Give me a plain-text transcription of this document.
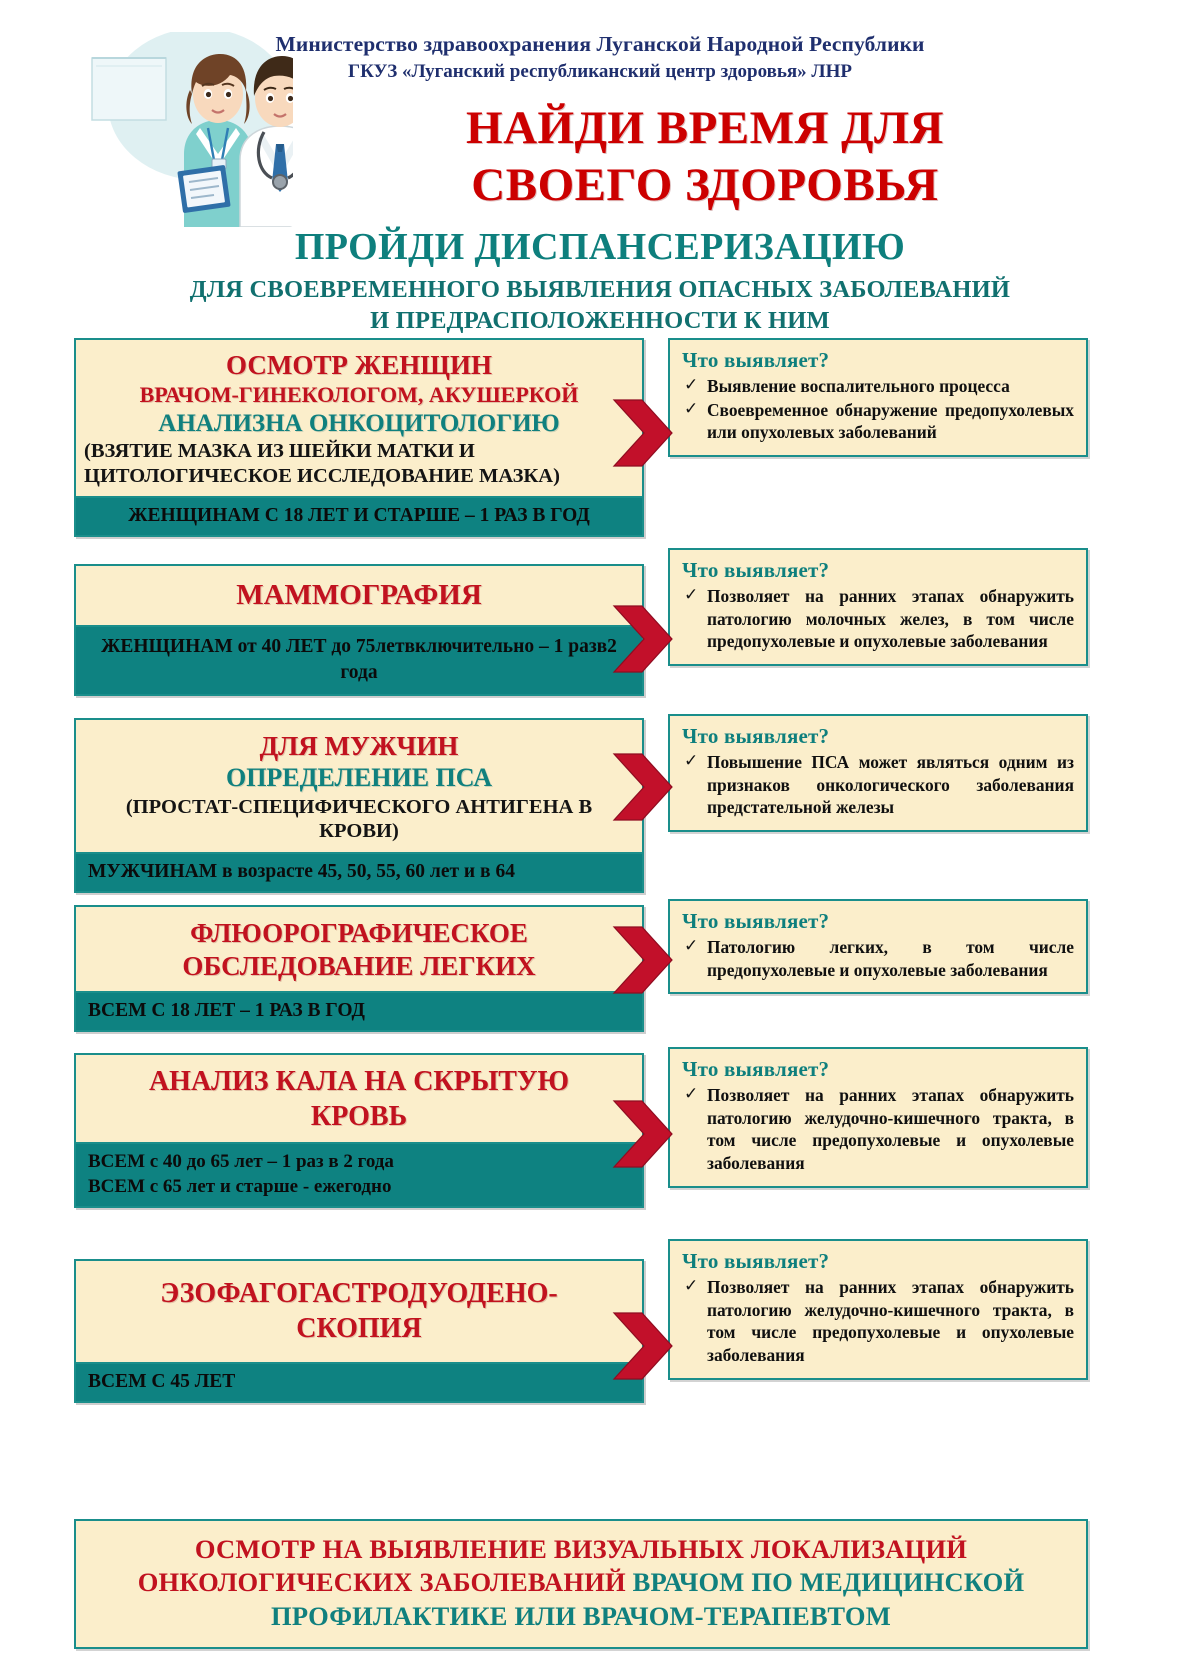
Министерство здравоохранения Луганской Народной Республики
ГКУЗ «Луганский республиканский центр здоровья» ЛНР
НАЙДИ ВРЕМЯ ДЛЯ
СВОЕГО ЗДОРОВЬЯ
ПРОЙДИ ДИСПАНСЕРИЗАЦИЮ
ДЛЯ СВОЕВРЕМЕННОГО ВЫЯВЛЕНИЯ ОПАСНЫХ ЗАБОЛЕВАНИЙ
И ПРЕДРАСПОЛОЖЕННОСТИ К НИМ
ОСМОТР ЖЕНЩИН
ВРАЧОМ-ГИНЕКОЛОГОМ, АКУШЕРКОЙ
АНАЛИЗНА ОНКОЦИТОЛОГИЮ
(ВЗЯТИЕ МАЗКА ИЗ ШЕЙКИ МАТКИ И
ЦИТОЛОГИЧЕСКОЕ ИССЛЕДОВАНИЕ МАЗКА)
ЖЕНЩИНАМ С 18 ЛЕТ И СТАРШЕ – 1 РАЗ В ГОД
Что выявляет?
✓ Выявление воспалительного процесса
✓ Своевременное обнаружение предопухолевых или опухолевых заболеваний
МАММОГРАФИЯ
ЖЕНЩИНАМ от 40 ЛЕТ до 75летвключительно – 1 разв2 года
Что выявляет?
✓ Позволяет на ранних этапах обнаружить патологию молочных желез, в том числе предопухолевые и опухолевые заболевания
ДЛЯ МУЖЧИН
ОПРЕДЕЛЕНИЕ ПСА
(ПРОСТАТ-СПЕЦИФИЧЕСКОГО АНТИГЕНА В
КРОВИ)
МУЖЧИНАМ в возрасте 45, 50, 55, 60 лет и в 64
Что выявляет?
✓ Повышение ПСА может являться одним из признаков онкологического заболевания предстательной железы
ФЛЮОРОГРАФИЧЕСКОЕ
ОБСЛЕДОВАНИЕ ЛЕГКИХ
ВСЕМ С 18 ЛЕТ – 1 РАЗ В ГОД
Что выявляет?
✓ Патологию легких, в том числе предопухолевые и опухолевые заболевания
АНАЛИЗ КАЛА НА СКРЫТУЮ
КРОВЬ
ВСЕМ с 40 до 65 лет – 1 раз в 2 года
ВСЕМ с 65 лет и старше - ежегодно
Что выявляет?
✓ Позволяет на ранних этапах обнаружить патологию желудочно-кишечного тракта, в том числе предопухолевые и опухолевые заболевания
ЭЗОФАГОГАСТРОДУОДЕНО-
СКОПИЯ
ВСЕМ С 45 ЛЕТ
Что выявляет?
✓ Позволяет на ранних этапах обнаружить патологию желудочно-кишечного тракта, в том числе предопухолевые и опухолевые заболевания
ОСМОТР НА ВЫЯВЛЕНИЕ ВИЗУАЛЬНЫХ ЛОКАЛИЗАЦИЙ ОНКОЛОГИЧЕСКИХ ЗАБОЛЕВАНИЙ ВРАЧОМ ПО МЕДИЦИНСКОЙ ПРОФИЛАКТИКЕ ИЛИ ВРАЧОМ-ТЕРАПЕВТОМ
